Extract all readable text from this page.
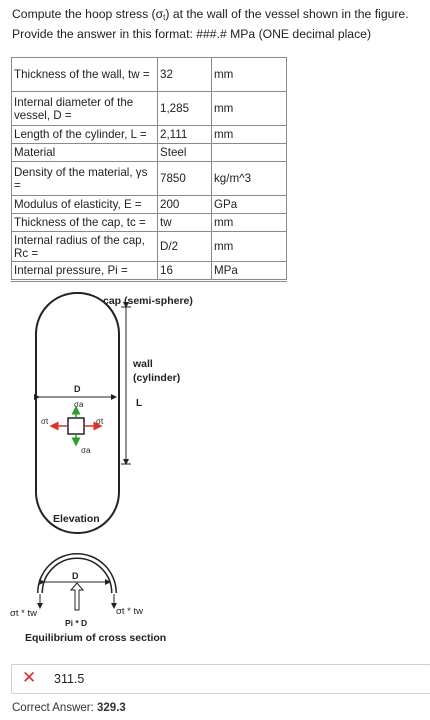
Compute the hoop stress $(\sigma_t)$ at the wall of the vessel shown in the figure.

Provide the answer in this format: ###.# MPa (ONE decimal place)

Thickness of the wall, tw =	32	mm
Internal diameter of the vessel, D =	1,285	mm
Length of the cylinder, L =	2,111	mm
Material	Steel	
Density of the material, γs =	7850	kg/m^3
Modulus of elasticity, E =	200	GPa
Thickness of the cap, tc =	tw	mm
Internal radius of the cap, Rc =	D/2	mm
Internal pressure, Pi =	16	MPa
cap (semi-sphere)
wall
(cylinder)
L
D
σa
σa
σt	σt
Elevation
D
σt * tw	σt * tw
Pi * D
Equilibrium of cross section
✕ 311.5
Correct Answer: 329.3
